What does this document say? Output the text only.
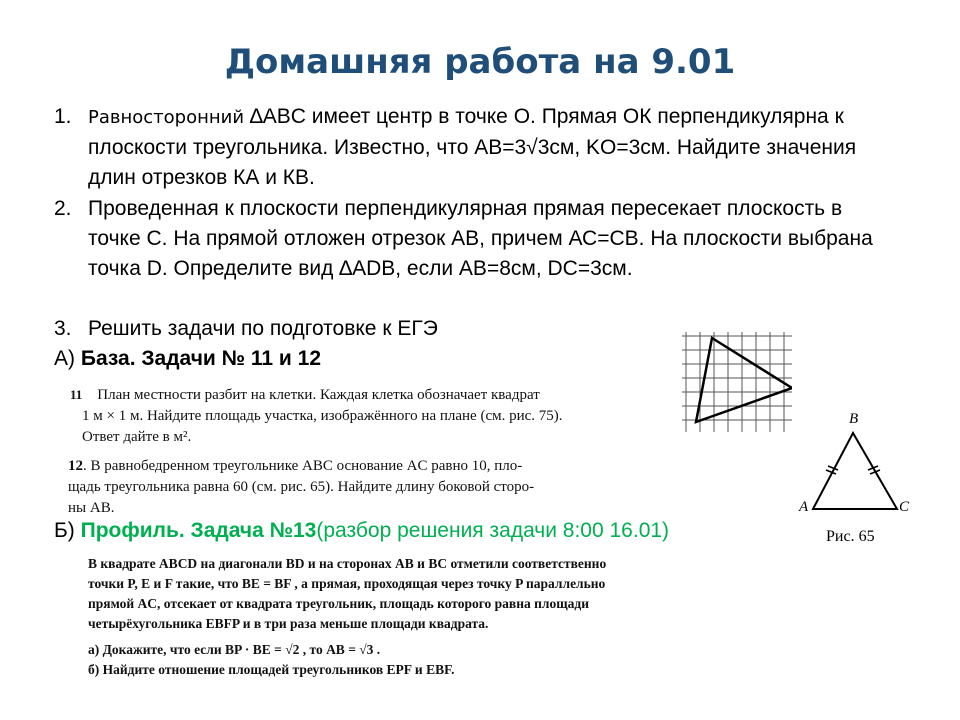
Домашняя работа на 9.01
1. Равносторонний ∆ABC имеет центр в точке О. Прямая ОК перпендикулярна к плоскости треугольника. Известно, что AB=3√3см, KO=3см. Найдите значения длин отрезков КА и КВ.
2. Проведенная к плоскости перпендикулярная прямая пересекает плоскость в точке С. На прямой отложен отрезок AB, причем АС=СВ. На плоскости выбрана точка D. Определите вид ∆ADB, если АВ=8см, DC=3см.
3. Решить задачи по подготовке к ЕГЭ
А) База. Задачи № 11 и 12
11 План местности разбит на клетки. Каждая клетка обозначает квадрат
1 м × 1 м. Найдите площадь участка, изображённого на плане (см. рис. 75).
Ответ дайте в м².
12. В равнобедренном треугольнике ABC основание AC равно 10, пло-
щадь треугольника равна 60 (см. рис. 65). Найдите длину боковой сторо-
ны AB.
B
A	C
Рис. 65
Б) Профиль. Задача №13(разбор решения задачи 8:00 16.01)
В квадрате ABCD на диагонали BD и на сторонах AB и BC отметили соответственно
точки P, E и F такие, что BE = BF , а прямая, проходящая через точку P параллельно
прямой AC, отсекает от квадрата треугольник, площадь которого равна площади
четырёхугольника EBFP и в три раза меньше площади квадрата.
а) Докажите, что если BP · BE = √2 , то AB = √3 .
б) Найдите отношение площадей треугольников EPF и EBF.
